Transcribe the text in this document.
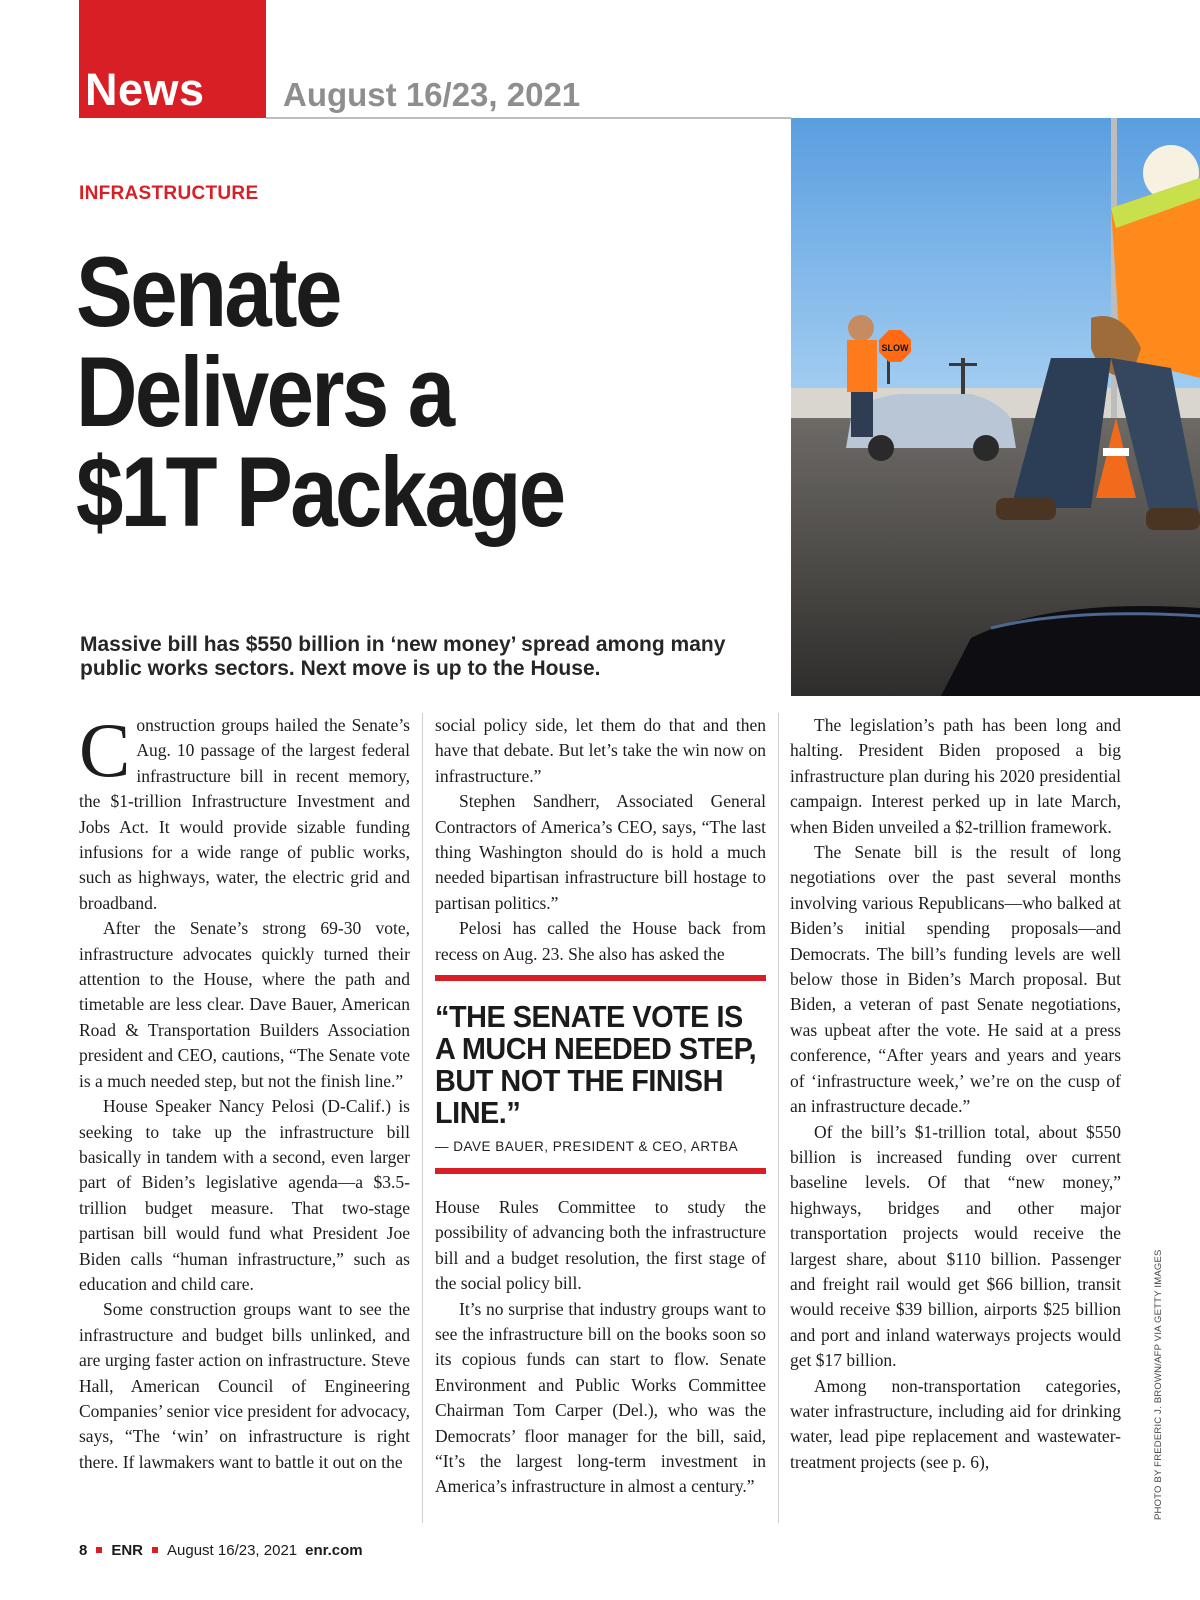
News August 16/23, 2021
SLOW
INFRASTRUCTURE
Senate
Delivers a
$1T Package

Massive bill has $550 billion in ‘new money’ spread among many public works sectors. Next move is up to the House.

Construction groups hailed the Senate’s Aug. 10 passage of the largest federal infrastructure bill in recent memory, the $1-trillion Infrastructure Investment and Jobs Act. It would provide sizable funding infusions for a wide range of public works, such as highways, water, the electric grid and broadband.

After the Senate’s strong 69-30 vote, infrastructure advocates quickly turned their attention to the House, where the path and timetable are less clear. Dave Bauer, American Road & Transportation Builders Association president and CEO, cautions, “The Senate vote is a much needed step, but not the finish line.”

House Speaker Nancy Pelosi (D-Calif.) is seeking to take up the infrastructure bill basically in tandem with a second, even larger part of Biden’s legislative agenda—a $3.5-trillion budget measure. That two-stage partisan bill would fund what President Joe Biden calls “human infrastructure,” such as education and child care.

Some construction groups want to see the infrastructure and budget bills unlinked, and are urging faster action on infrastructure. Steve Hall, American Council of Engineering Companies’ senior vice president for advocacy, says, “The ‘win’ on infrastructure is right there. If lawmakers want to battle it out on the

social policy side, let them do that and then have that debate. But let’s take the win now on infrastructure.”

Stephen Sandherr, Associated General Contractors of America’s CEO, says, “The last thing Washington should do is hold a much needed bipartisan infrastructure bill hostage to partisan politics.”

Pelosi has called the House back from recess on Aug. 23. She also has asked the

“THE SENATE VOTE IS A MUCH NEEDED STEP, BUT NOT THE FINISH LINE.”
— DAVE BAUER, PRESIDENT & CEO, ARTBA

House Rules Committee to study the possibility of advancing both the infrastructure bill and a budget resolution, the first stage of the social policy bill.

It’s no surprise that industry groups want to see the infrastructure bill on the books soon so its copious funds can start to flow. Senate Environment and Public Works Committee Chairman Tom Carper (Del.), who was the Democrats’ floor manager for the bill, said, “It’s the largest long-term investment in America’s infrastructure in almost a century.”

The legislation’s path has been long and halting. President Biden proposed a big infrastructure plan during his 2020 presidential campaign. Interest perked up in late March, when Biden unveiled a $2-trillion framework.

The Senate bill is the result of long negotiations over the past several months involving various Republicans—who balked at Biden’s initial spending proposals—and Democrats. The bill’s funding levels are well below those in Biden’s March proposal. But Biden, a veteran of past Senate negotiations, was upbeat after the vote. He said at a press conference, “After years and years and years of ‘infrastructure week,’ we’re on the cusp of an infrastructure decade.”

Of the bill’s $1-trillion total, about $550 billion is increased funding over current baseline levels. Of that “new money,” highways, bridges and other major transportation projects would receive the largest share, about $110 billion. Passenger and freight rail would get $66 billion, transit would receive $39 billion, airports $25 billion and port and inland waterways projects would get $17 billion.

Among non-transportation categories, water infrastructure, including aid for drinking water, lead pipe replacement and wastewater-treatment projects (see p. 6),	PHOTO BY FREDERIC J. BROWN/AFP VIA GETTY IMAGES
8 ENR August 16/23, 2021 enr.com
